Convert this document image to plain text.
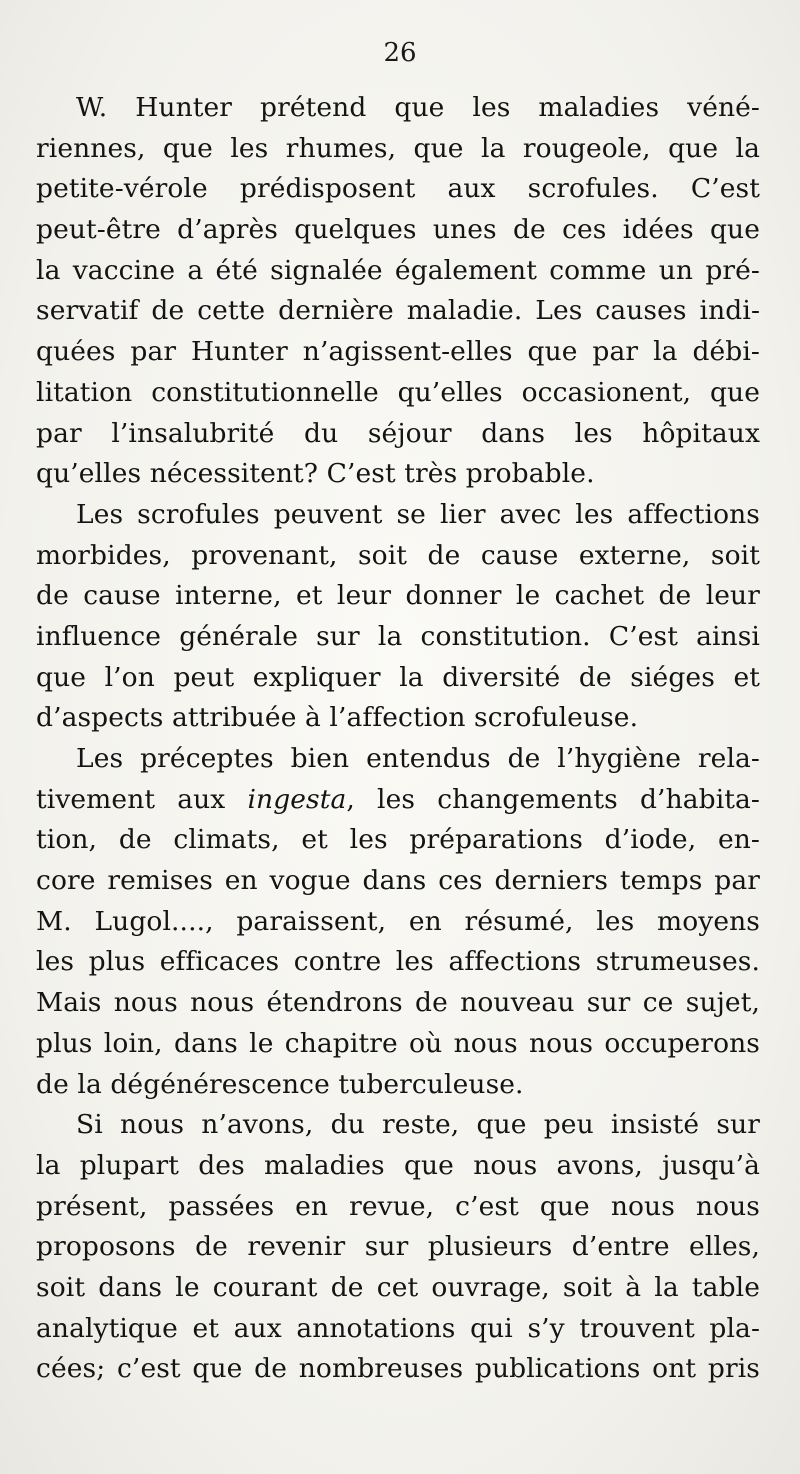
26
W. Hunter prétend que les maladies véné-
riennes, que les rhumes, que la rougeole, que la
petite-vérole prédisposent aux scrofules. C’est
peut-être d’après quelques unes de ces idées que
la vaccine a été signalée également comme un pré-
servatif de cette dernière maladie. Les causes indi-
quées par Hunter n’agissent-elles que par la débi-
litation constitutionnelle qu’elles occasionent, que
par l’insalubrité du séjour dans les hôpitaux
qu’elles nécessitent? C’est très probable.
Les scrofules peuvent se lier avec les affections
morbides, provenant, soit de cause externe, soit
de cause interne, et leur donner le cachet de leur
influence générale sur la constitution. C’est ainsi
que l’on peut expliquer la diversité de siéges et
d’aspects attribuée à l’affection scrofuleuse.
Les préceptes bien entendus de l’hygiène rela-
tivement aux ingesta, les changements d’habita-
tion, de climats, et les préparations d’iode, en-
core remises en vogue dans ces derniers temps par
M. Lugol...., paraissent, en résumé, les moyens
les plus efficaces contre les affections strumeuses.
Mais nous nous étendrons de nouveau sur ce sujet,
plus loin, dans le chapitre où nous nous occuperons
de la dégénérescence tuberculeuse.
Si nous n’avons, du reste, que peu insisté sur
la plupart des maladies que nous avons, jusqu’à
présent, passées en revue, c’est que nous nous
proposons de revenir sur plusieurs d’entre elles,
soit dans le courant de cet ouvrage, soit à la table
analytique et aux annotations qui s’y trouvent pla-
cées; c’est que de nombreuses publications ont pris
